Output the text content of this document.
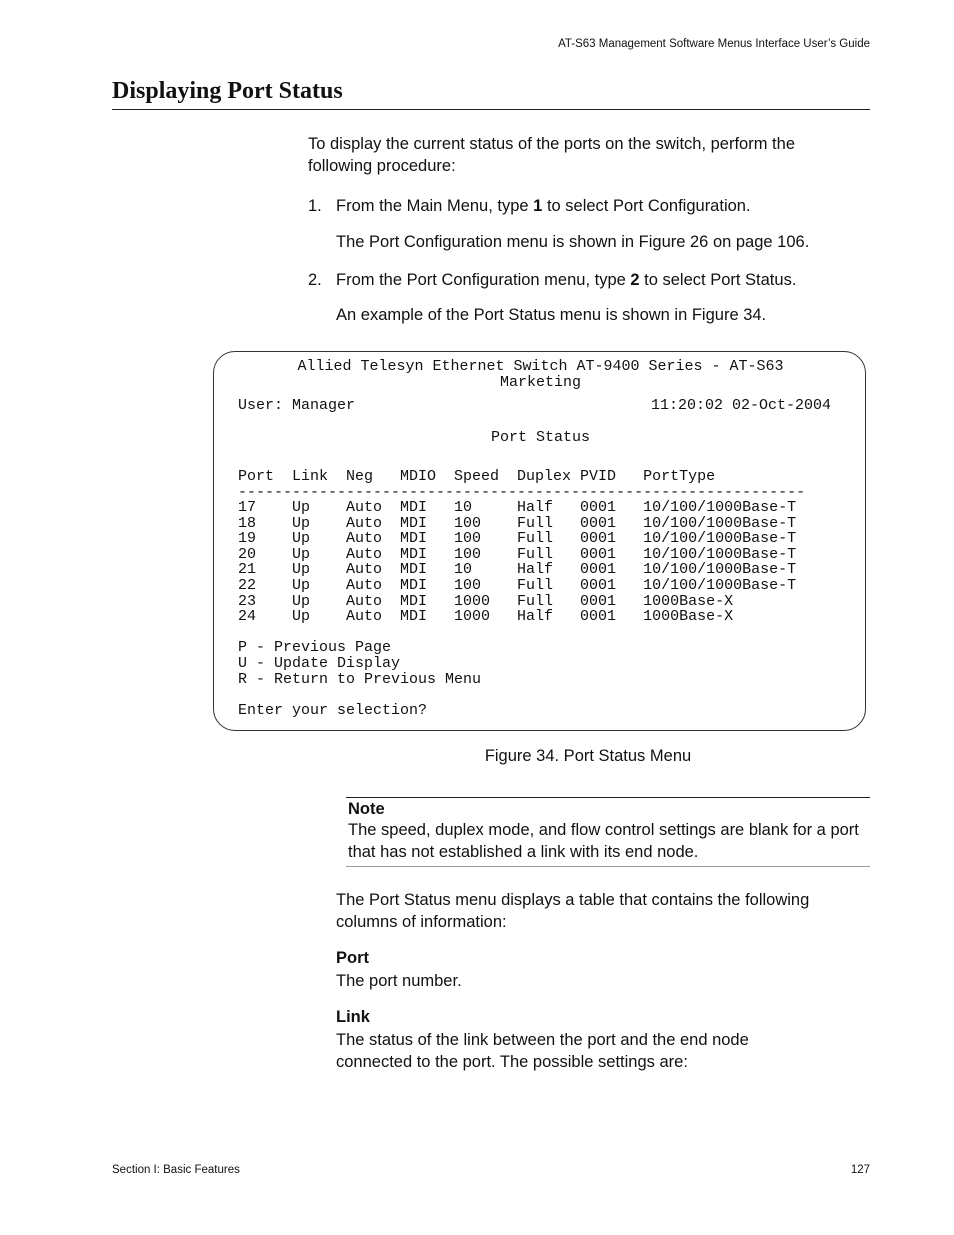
AT-S63 Management Software Menus Interface User’s Guide
Displaying Port Status
To display the current status of the ports on the switch, perform the following procedure:
1. From the Main Menu, type 1 to select Port Configuration.
The Port Configuration menu is shown in Figure 26 on page 106.
2. From the Port Configuration menu, type 2 to select Port Status.
An example of the Port Status menu is shown in Figure 34.
Allied Telesyn Ethernet Switch AT-9400 Series - AT-S63
Marketing
User: Manager	11:20:02 02-Oct-2004
Port Status
Port  Link  Neg   MDIO  Speed  Duplex PVID   PortType
---------------------------------------------------------------
17    Up    Auto  MDI   10     Half   0001   10/100/1000Base-T
18    Up    Auto  MDI   100    Full   0001   10/100/1000Base-T
19    Up    Auto  MDI   100    Full   0001   10/100/1000Base-T
20    Up    Auto  MDI   100    Full   0001   10/100/1000Base-T
21    Up    Auto  MDI   10     Half   0001   10/100/1000Base-T
22    Up    Auto  MDI   100    Full   0001   10/100/1000Base-T
23    Up    Auto  MDI   1000   Full   0001   1000Base-X
24    Up    Auto  MDI   1000   Half   0001   1000Base-X
P - Previous Page
U - Update Display
R - Return to Previous Menu
Enter your selection?
Figure 34. Port Status Menu
Note
The speed, duplex mode, and flow control settings are blank for a port that has not established a link with its end node.
The Port Status menu displays a table that contains the following columns of information:
Port
The port number.
Link
The status of the link between the port and the end node connected to the port. The possible settings are:
Section I: Basic Features	127
